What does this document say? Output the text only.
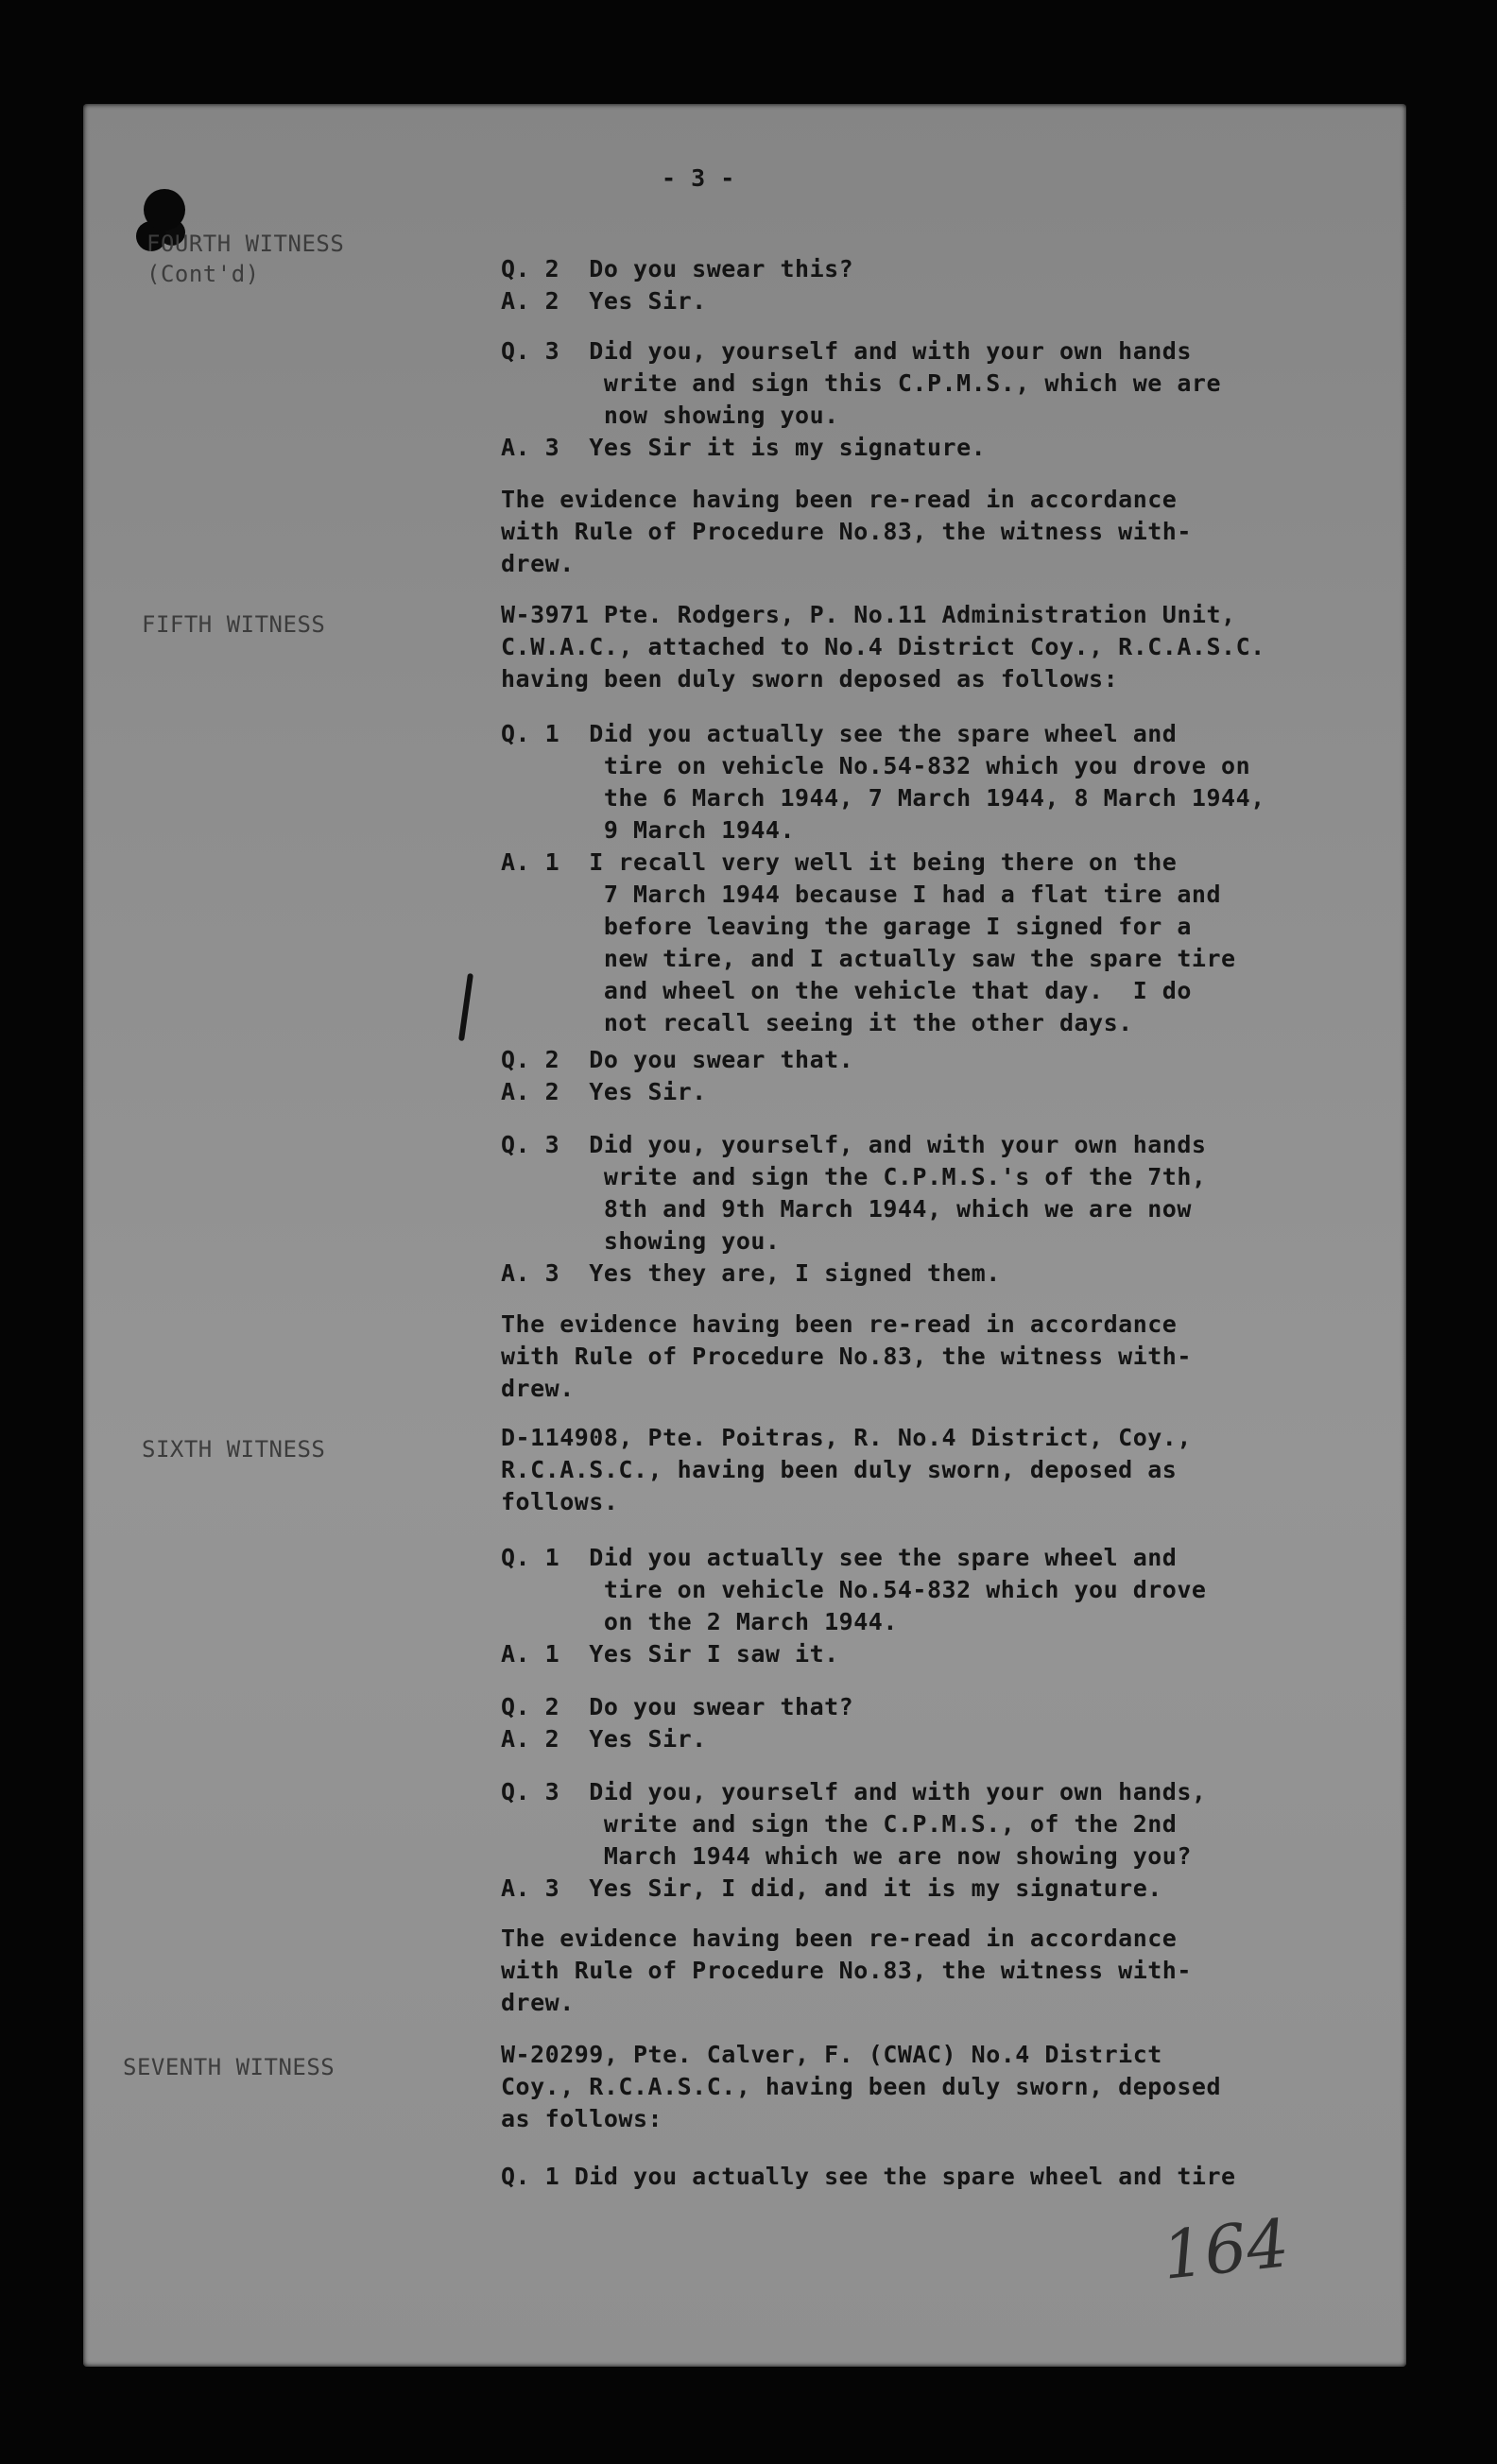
- 3 -
FOURTH WITNESS
(Cont'd)
FIFTH WITNESS
SIXTH WITNESS
SEVENTH WITNESS
Q. 2  Do you swear this?
A. 2  Yes Sir.
Q. 3  Did you, yourself and with your own hands
write and sign this C.P.M.S., which we are
now showing you.
A. 3  Yes Sir it is my signature.
The evidence having been re-read in accordance
with Rule of Procedure No.83, the witness with-
drew.
W-3971 Pte. Rodgers, P. No.11 Administration Unit,
C.W.A.C., attached to No.4 District Coy., R.C.A.S.C.
having been duly sworn deposed as follows:
Q. 1  Did you actually see the spare wheel and
tire on vehicle No.54-832 which you drove on
the 6 March 1944, 7 March 1944, 8 March 1944,
9 March 1944.
A. 1  I recall very well it being there on the
7 March 1944 because I had a flat tire and
before leaving the garage I signed for a
new tire, and I actually saw the spare tire
and wheel on the vehicle that day.  I do
not recall seeing it the other days.
Q. 2  Do you swear that.
A. 2  Yes Sir.
Q. 3  Did you, yourself, and with your own hands
write and sign the C.P.M.S.'s of the 7th,
8th and 9th March 1944, which we are now
showing you.
A. 3  Yes they are, I signed them.
The evidence having been re-read in accordance
with Rule of Procedure No.83, the witness with-
drew.
D-114908, Pte. Poitras, R. No.4 District, Coy.,
R.C.A.S.C., having been duly sworn, deposed as
follows.
Q. 1  Did you actually see the spare wheel and
tire on vehicle No.54-832 which you drove
on the 2 March 1944.
A. 1  Yes Sir I saw it.
Q. 2  Do you swear that?
A. 2  Yes Sir.
Q. 3  Did you, yourself and with your own hands,
write and sign the C.P.M.S., of the 2nd
March 1944 which we are now showing you?
A. 3  Yes Sir, I did, and it is my signature.
The evidence having been re-read in accordance
with Rule of Procedure No.83, the witness with-
drew.
W-20299, Pte. Calver, F. (CWAC) No.4 District
Coy., R.C.A.S.C., having been duly sworn, deposed
as follows:
Q. 1 Did you actually see the spare wheel and tire
164
